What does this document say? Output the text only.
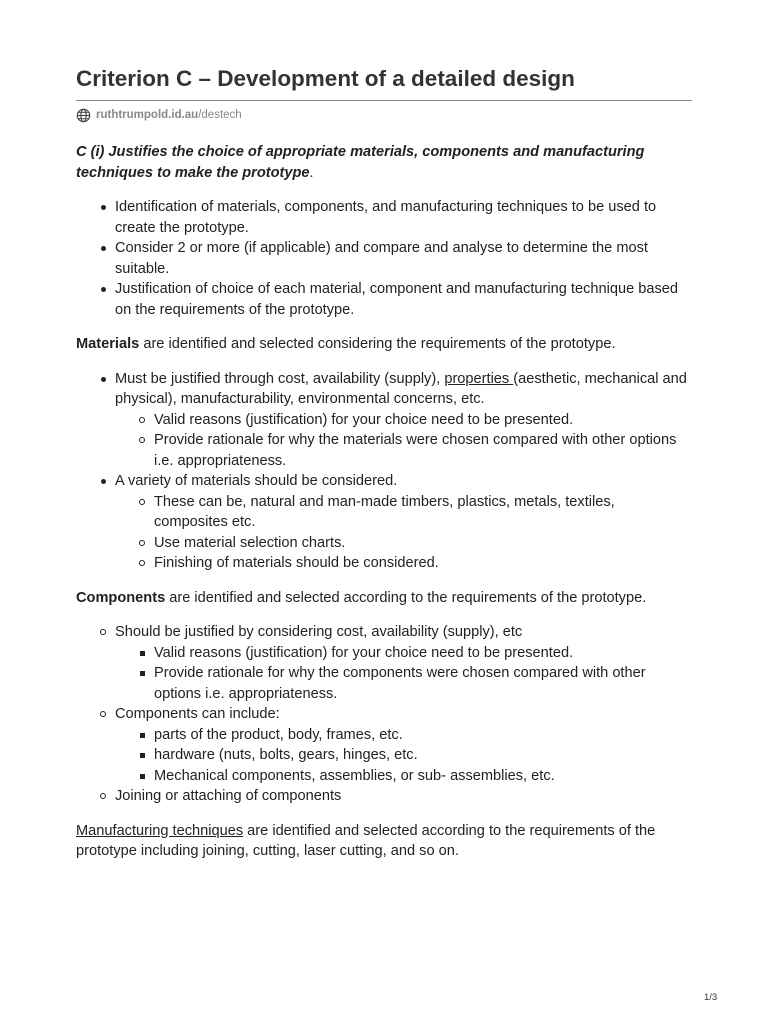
Criterion C – Development of a detailed design
ruthtrumpold.id.au /destech

C (i) Justifies the choice of appropriate materials, components and manufacturing techniques to make the prototype.

Identification of materials, components, and manufacturing techniques to be used to create the prototype.
Consider 2 or more (if applicable) and compare and analyse to determine the most suitable.
Justification of choice of each material, component and manufacturing technique based on the requirements of the prototype.

Materials are identified and selected considering the requirements of the prototype.

Must be justified through cost, availability (supply), properties (aesthetic, mechanical and physical), manufacturability, environmental concerns, etc.
Valid reasons (justification) for your choice need to be presented.
Provide rationale for why the materials were chosen compared with other options i.e. appropriateness.
A variety of materials should be considered.
These can be, natural and man-made timbers, plastics, metals, textiles, composites etc.
Use material selection charts.
Finishing of materials should be considered.

Components are identified and selected according to the requirements of the prototype.

Should be justified by considering cost, availability (supply), etc
Valid reasons (justification) for your choice need to be presented.
Provide rationale for why the components were chosen compared with other options i.e. appropriateness.
Components can include:
parts of the product, body, frames, etc.
hardware (nuts, bolts, gears, hinges, etc.
Mechanical components, assemblies, or sub- assemblies, etc.
Joining or attaching of components

Manufacturing techniques are identified and selected according to the requirements of the prototype including joining, cutting, laser cutting, and so on.

1/3
